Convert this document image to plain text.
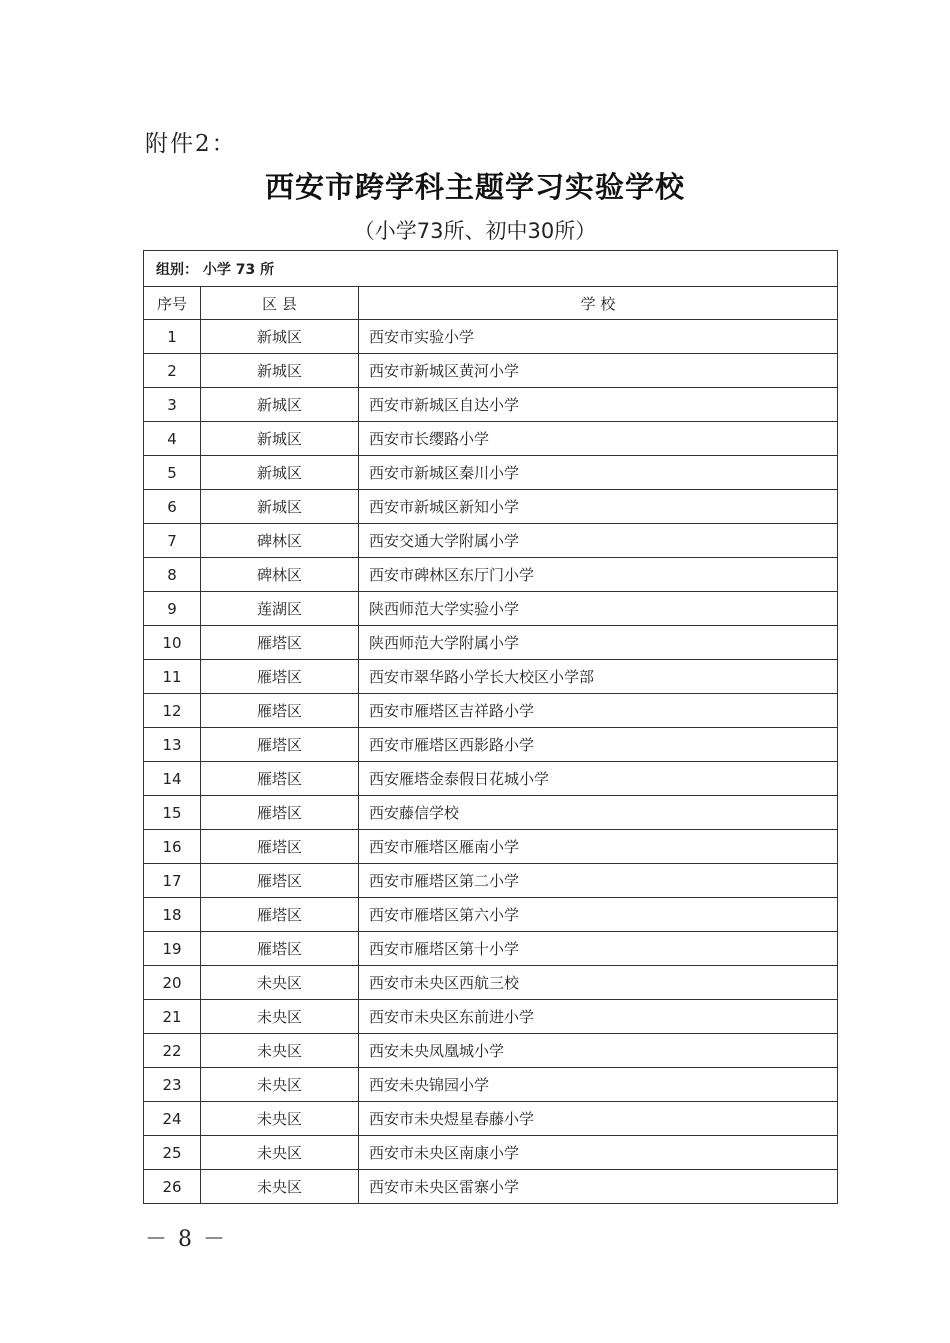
附件2：
西安市跨学科主题学习实验学校
（小学73所、初中30所）
组别： 小学 73 所		
序号	区 县	学 校
1	新城区	西安市实验小学
2	新城区	西安市新城区黄河小学
3	新城区	西安市新城区自达小学
4	新城区	西安市长缨路小学
5	新城区	西安市新城区秦川小学
6	新城区	西安市新城区新知小学
7	碑林区	西安交通大学附属小学
8	碑林区	西安市碑林区东厅门小学
9	莲湖区	陕西师范大学实验小学
10	雁塔区	陕西师范大学附属小学
11	雁塔区	西安市翠华路小学长大校区小学部
12	雁塔区	西安市雁塔区吉祥路小学
13	雁塔区	西安市雁塔区西影路小学
14	雁塔区	西安雁塔金泰假日花城小学
15	雁塔区	西安藤信学校
16	雁塔区	西安市雁塔区雁南小学
17	雁塔区	西安市雁塔区第二小学
18	雁塔区	西安市雁塔区第六小学
19	雁塔区	西安市雁塔区第十小学
20	未央区	西安市未央区西航三校
21	未央区	西安市未央区东前进小学
22	未央区	西安未央凤凰城小学
23	未央区	西安未央锦园小学
24	未央区	西安市未央煜星春藤小学
25	未央区	西安市未央区南康小学
26	未央区	西安市未央区雷寨小学
－ 8 －
